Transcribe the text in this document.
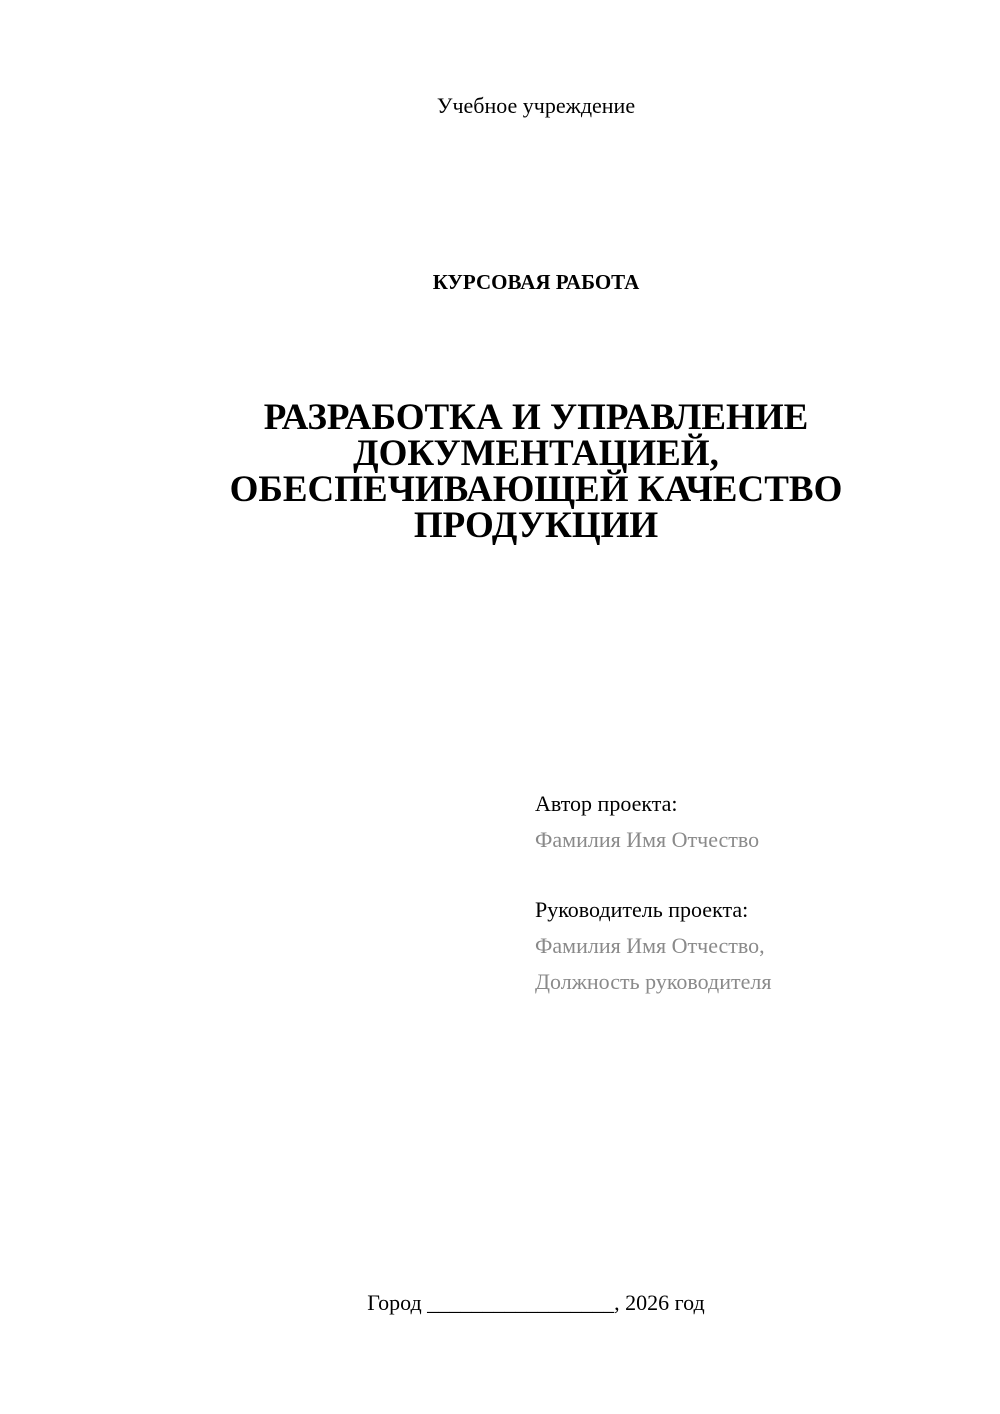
Учебное учреждение
КУРСОВАЯ РАБОТА
РАЗРАБОТКА И УПРАВЛЕНИЕ
ДОКУМЕНТАЦИЕЙ,
ОБЕСПЕЧИВАЮЩЕЙ КАЧЕСТВО
ПРОДУКЦИИ
Автор проекта:
Фамилия Имя Отчество
Руководитель проекта:
Фамилия Имя Отчество,
Должность руководителя
Город _________________, 2026 год
